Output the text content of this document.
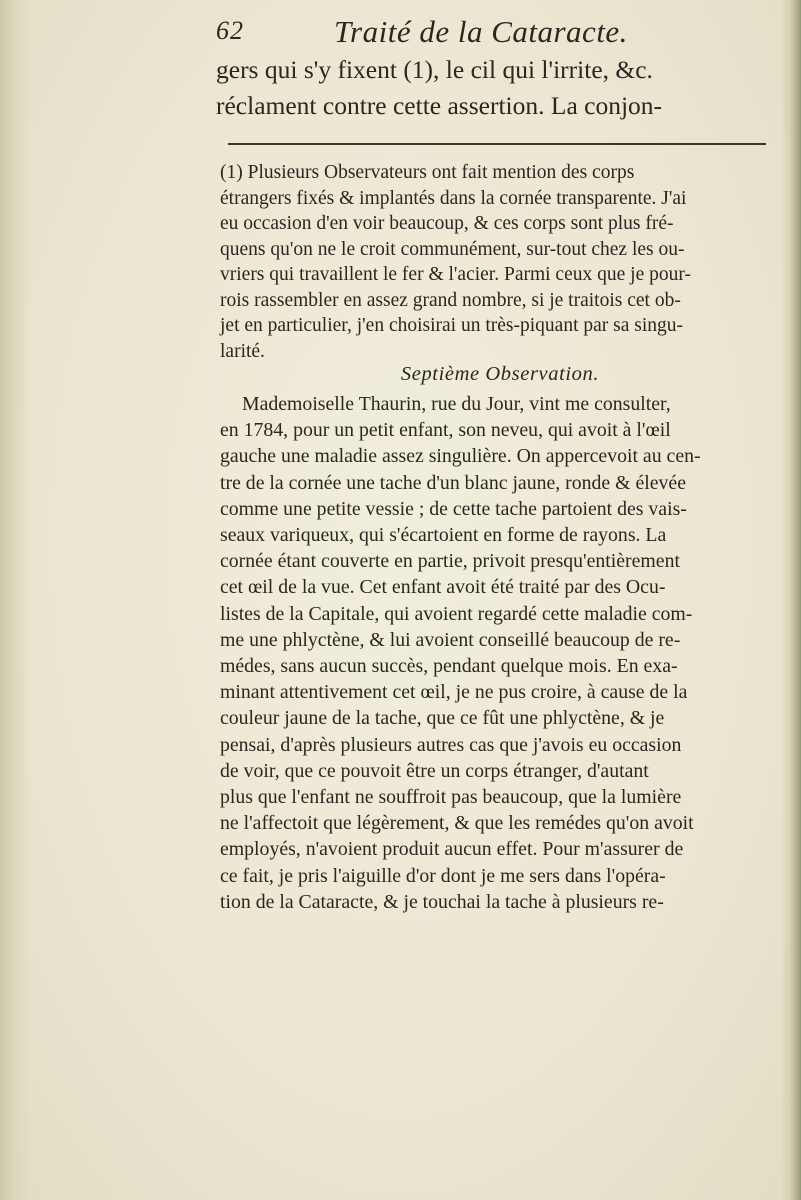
62	Traité de la Cataracte.
gers qui s'y fixent (1), le cil qui l'irrite, &c.
réclament contre cette assertion. La conjon-
(1) Plusieurs Observateurs ont fait mention des corps
étrangers fixés & implantés dans la cornée transparente. J'ai
eu occasion d'en voir beaucoup, & ces corps sont plus fré-
quens qu'on ne le croit communément, sur-tout chez les ou-
vriers qui travaillent le fer & l'acier. Parmi ceux que je pour-
rois rassembler en assez grand nombre, si je traitois cet ob-
jet en particulier, j'en choisirai un très-piquant par sa singu-
larité.
Septième Observation.
Mademoiselle Thaurin, rue du Jour, vint me consulter,
en 1784, pour un petit enfant, son neveu, qui avoit à l'œil
gauche une maladie assez singulière. On appercevoit au cen-
tre de la cornée une tache d'un blanc jaune, ronde & élevée
comme une petite vessie ; de cette tache partoient des vais-
seaux variqueux, qui s'écartoient en forme de rayons. La
cornée étant couverte en partie, privoit presqu'entièrement
cet œil de la vue. Cet enfant avoit été traité par des Ocu-
listes de la Capitale, qui avoient regardé cette maladie com-
me une phlyctène, & lui avoient conseillé beaucoup de re-
médes, sans aucun succès, pendant quelque mois. En exa-
minant attentivement cet œil, je ne pus croire, à cause de la
couleur jaune de la tache, que ce fût une phlyctène, & je
pensai, d'après plusieurs autres cas que j'avois eu occasion
de voir, que ce pouvoit être un corps étranger, d'autant
plus que l'enfant ne souffroit pas beaucoup, que la lumière
ne l'affectoit que légèrement, & que les remédes qu'on avoit
employés, n'avoient produit aucun effet. Pour m'assurer de
ce fait, je pris l'aiguille d'or dont je me sers dans l'opéra-
tion de la Cataracte, & je touchai la tache à plusieurs re-
